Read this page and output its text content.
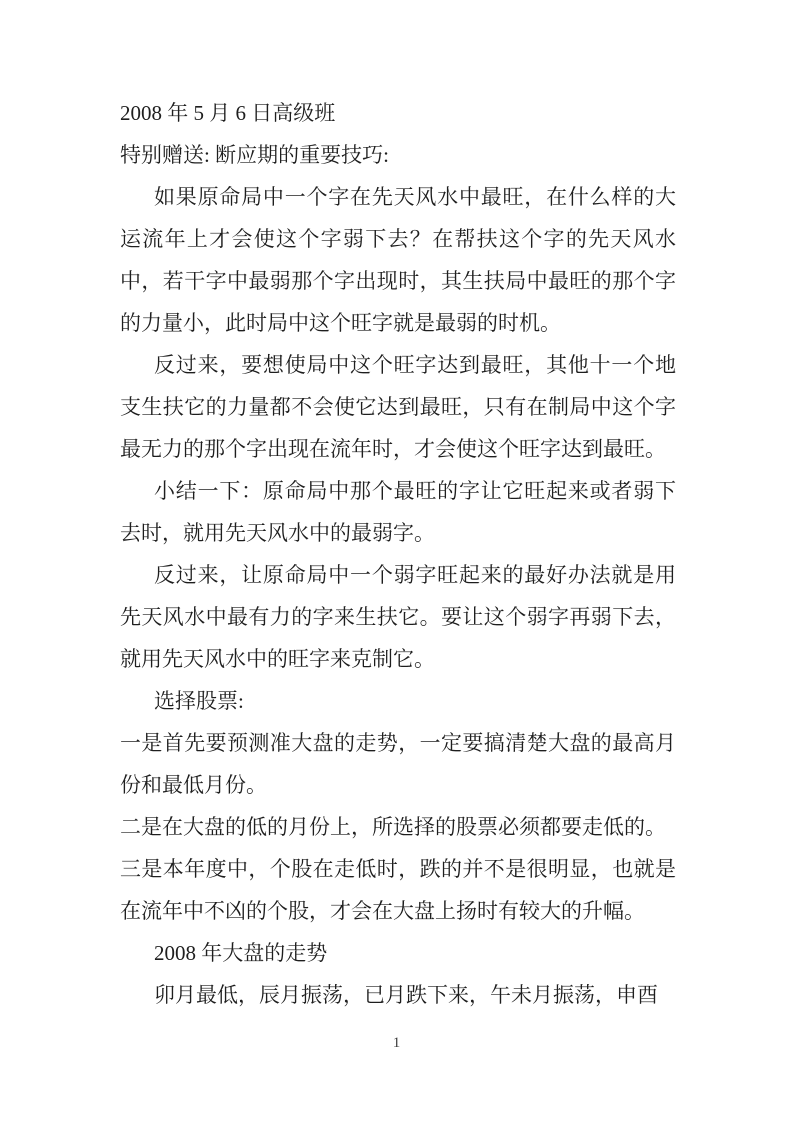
2008 年 5 月 6 日高级班

特别赠送: 断应期的重要技巧:

如果原命局中一个字在先天风水中最旺，在什么样的大运流年上才会使这个字弱下去？在帮扶这个字的先天风水中，若干字中最弱那个字出现时，其生扶局中最旺的那个字的力量小，此时局中这个旺字就是最弱的时机。

反过来，要想使局中这个旺字达到最旺，其他十一个地支生扶它的力量都不会使它达到最旺，只有在制局中这个字最无力的那个字出现在流年时，才会使这个旺字达到最旺。

小结一下：原命局中那个最旺的字让它旺起来或者弱下去时，就用先天风水中的最弱字。

反过来，让原命局中一个弱字旺起来的最好办法就是用先天风水中最有力的字来生扶它。要让这个弱字再弱下去，就用先天风水中的旺字来克制它。

选择股票:

一是首先要预测准大盘的走势，一定要搞清楚大盘的最高月份和最低月份。

二是在大盘的低的月份上，所选择的股票必须都要走低的。

三是本年度中，个股在走低时，跌的并不是很明显，也就是在流年中不凶的个股，才会在大盘上扬时有较大的升幅。

2008 年大盘的走势

卯月最低，辰月振荡，已月跌下来，午未月振荡，申酉

1
